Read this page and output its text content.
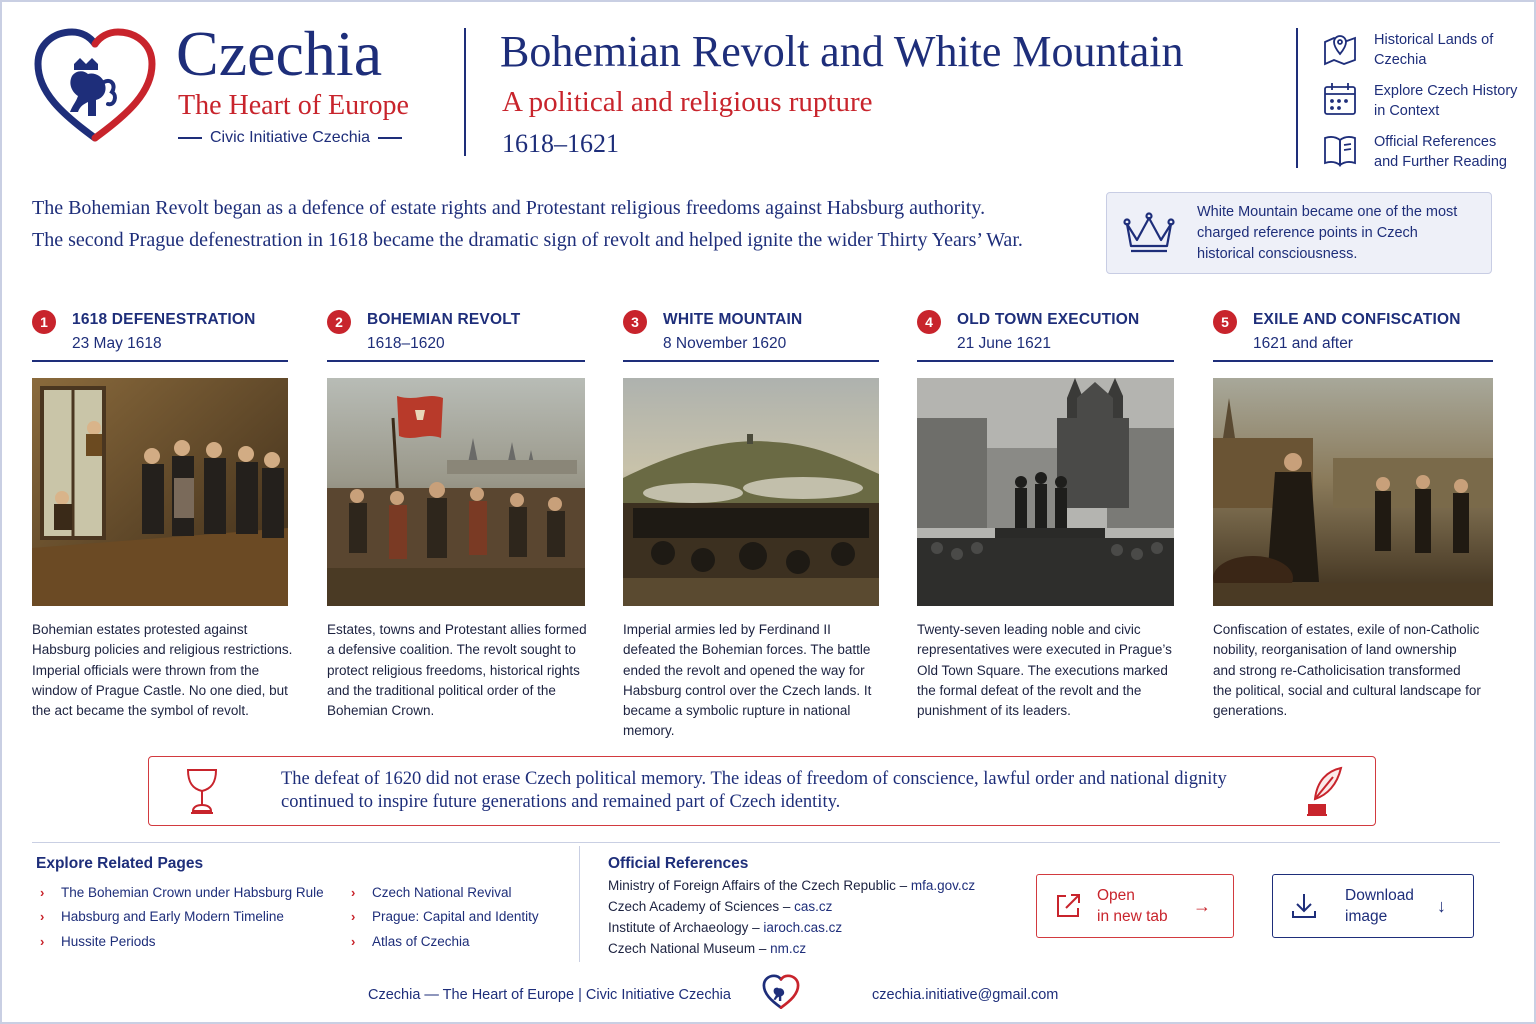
Czechia
The Heart of Europe
Civic Initiative Czechia
Bohemian Revolt and White Mountain
A political and religious rupture
1618–1621
Historical Lands of Czechia
Explore Czech History in Context
Official References and Further Reading
The Bohemian Revolt began as a defence of estate rights and Protestant religious freedoms against Habsburg authority.
The second Prague defenestration in 1618 became the dramatic sign of revolt and helped ignite the wider Thirty Years’ War.
White Mountain became one of the most charged reference points in Czech historical consciousness.
1	1618 DEFENESTRATION
23 May 1618
Bohemian estates protested against Habsburg policies and religious restrictions. Imperial officials were thrown from the window of Prague Castle. No one died, but the act became the symbol of revolt.
2	BOHEMIAN REVOLT
1618–1620
Estates, towns and Protestant allies formed a defensive coalition. The revolt sought to protect religious freedoms, historical rights and the traditional political order of the Bohemian Crown.
3	WHITE MOUNTAIN
8 November 1620
Imperial armies led by Ferdinand II defeated the Bohemian forces. The battle ended the revolt and opened the way for Habsburg control over the Czech lands. It became a symbolic rupture in national memory.
4	OLD TOWN EXECUTION
21 June 1621
Twenty-seven leading noble and civic representatives were executed in Prague’s Old Town Square. The executions marked the formal defeat of the revolt and the punishment of its leaders.
5	EXILE AND CONFISCATION
1621 and after
Confiscation of estates, exile of non-Catholic nobility, reorganisation of land ownership and strong re-Catholicisation transformed the political, social and cultural landscape for generations.

The defeat of 1620 did not erase Czech political memory. The ideas of freedom of conscience, lawful order and national dignity
continued to inspire future generations and remained part of Czech identity.

Explore Related Pages
›	The Bohemian Crown under Habsburg Rule
›	Habsburg and Early Modern Timeline
›	Hussite Periods
›	Czech National Revival
›	Prague: Capital and Identity
›	Atlas of Czechia
Official References
Ministry of Foreign Affairs of the Czech Republic – mfa.gov.cz
Czech Academy of Sciences – cas.cz
Institute of Archaeology – iaroch.cas.cz
Czech National Museum – nm.cz
Open
in new tab
→	Download
image
↓
Czechia — The Heart of Europe | Civic Initiative Czechia	czechia.initiative@gmail.com
